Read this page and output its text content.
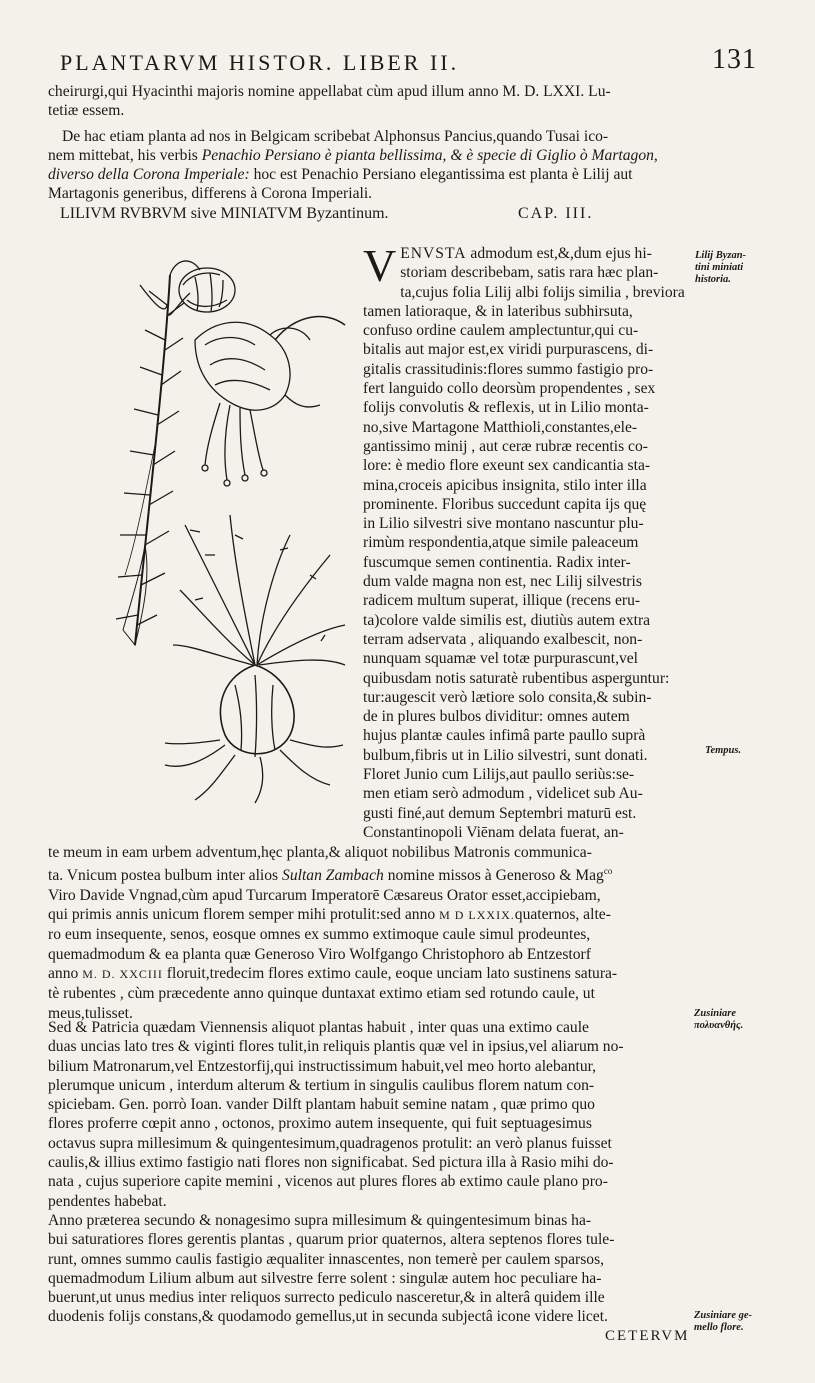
PLANTARVM HISTOR. LIBER II.	131

cheirurgi,qui Hyacinthi majoris nomine appellabat cùm apud illum anno M. D. LXXI. Lu-

tetiæ essem.

De hac etiam planta ad nos in Belgicam scribebat Alphonsus Pancius,quando Tusai ico-

nem mittebat, his verbis Penachio Persiano è pianta bellissima, & è specie di Giglio ò Martagon,

diverso della Corona Imperiale: hoc est Penachio Persiano elegantissima est planta è Lilij aut

Martagonis generibus, differens à Corona Imperiali.

LILIVM RVBRVM sive MINIATVM Byzantinum.	CAP. III.
V ENVSTA admodum est,&,dum ejus hi-

storiam describebam, satis rara hæc plan-

ta,cujus folia Lilij albi folijs similia , breviora

tamen latioraque, & in lateribus subhirsuta,

confuso ordine caulem amplectuntur,qui cu-

bitalis aut major est,ex viridi purpurascens, di-

gitalis crassitudinis:flores summo fastigio pro-

fert languido collo deorsùm propendentes , sex

folijs convolutis & reflexis, ut in Lilio monta-

no,sive Martagone Matthioli,constantes,ele-

gantissimo minij , aut ceræ rubræ recentis co-

lore: è medio flore exeunt sex candicantia sta-

mina,croceis apicibus insignita, stilo inter illa

prominente. Floribus succedunt capita ijs quę

in Lilio silvestri sive montano nascuntur plu-

rimùm respondentia,atque simile paleaceum

fuscumque semen continentia. Radix inter-

dum valde magna non est, nec Lilij silvestris

radicem multum superat, illique (recens eru-

ta)colore valde similis est, diutiùs autem extra

terram adservata , aliquando exalbescit, non-

nunquam squamæ vel totæ purpurascunt,vel

quibusdam notis saturatè rubentibus asperguntur:

tur:augescit verò lætiore solo consita,& subin-

de in plures bulbos dividitur: omnes autem

hujus plantæ caules infimâ parte paullo suprà

bulbum,fibris ut in Lilio silvestri, sunt donati.

Floret Junio cum Lilijs,aut paullo seriùs:se-

men etiam serò admodum , videlicet sub Au-

gusti finé,aut demum Septembri maturū est.

Constantinopoli Viēnam delata fuerat, an-

te meum in eam urbem adventum,hęc planta,& aliquot nobilibus Matronis communica-

ta. Vnicum postea bulbum inter alios Sultan Zambach nomine missos à Generoso & Mag$^{co}$

Viro Davide Vngnad,cùm apud Turcarum Imperatorē Cæsareus Orator esset,accipiebam,

qui primis annis unicum florem semper mihi protulit:sed anno M D LXXIX.quaternos, alte-

ro eum insequente, senos, eosque omnes ex summo extimoque caule simul prodeuntes,

quemadmodum & ea planta quæ Generoso Viro Wolfgango Christophoro ab Entzestorf

anno M. D. XXCIII floruit,tredecim flores extimo caule, eoque unciam lato sustinens satura-

tè rubentes , cùm præcedente anno quinque duntaxat extimo etiam sed rotundo caule, ut

meus,tulisset.

Sed & Patricia quædam Viennensis aliquot plantas habuit , inter quas una extimo caule

duas uncias lato tres & viginti flores tulit,in reliquis plantis quæ vel in ipsius,vel aliarum no-

bilium Matronarum,vel Entzestorfij,qui instructissimum habuit,vel meo horto alebantur,

plerumque unicum , interdum alterum & tertium in singulis caulibus florem natum con-

spiciebam. Gen. porrò Ioan. vander Dilft plantam habuit semine natam , quæ primo quo

flores proferre cœpit anno , octonos, proximo autem insequente, qui fuit septuagesimus

octavus supra millesimum & quingentesimum,quadragenos protulit: an verò planus fuisset

caulis,& illius extimo fastigio nati flores non significabat. Sed pictura illa à Rasio mihi do-

nata , cujus superiore capite memini , vicenos aut plures flores ab extimo caule plano pro-

pendentes habebat.

Anno præterea secundo & nonagesimo supra millesimum & quingentesimum binas ha-

bui saturatiores flores gerentis plantas , quarum prior quaternos, altera septenos flores tule-

runt, omnes summo caulis fastigio æqualiter innascentes, non temerè per caulem sparsos,

quemadmodum Lilium album aut silvestre ferre solent : singulæ autem hoc peculiare ha-

buerunt,ut unus medius inter reliquos surrecto pediculo nasceretur,& in alterâ quidem ille

duodenis folijs constans,& quodamodo gemellus,ut in secunda subjectâ icone videre licet.

CETERVM
Lilij Byzan-
tini miniati
historia.
Tempus.
Zusiniare
πολυανθής.
Zusiniare ge-
mello flore.
